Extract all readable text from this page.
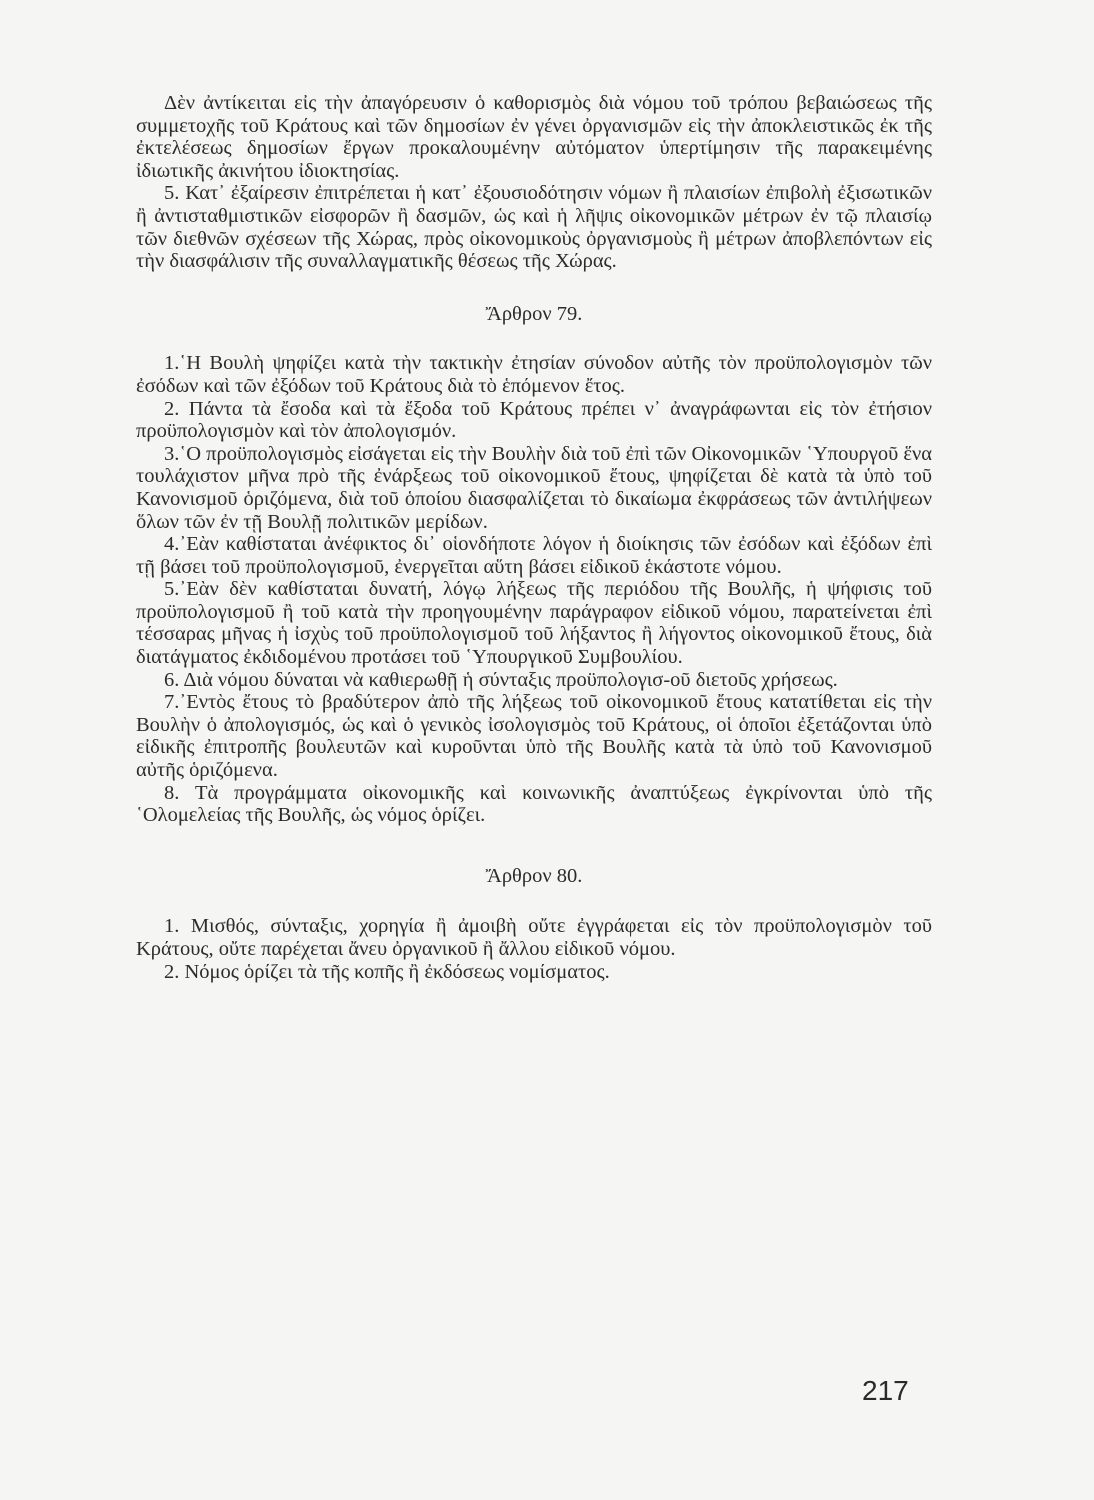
Δὲν ἀντίκειται εἰς τὴν ἀπαγόρευσιν ὁ καθορισμὸς διὰ νόμου τοῦ τρόπου βεβαιώσεως τῆς συμμετοχῆς τοῦ Κράτους καὶ τῶν δημοσίων ἐν γένει ὀργανισμῶν εἰς τὴν ἀποκλειστικῶς ἐκ τῆς ἐκτελέσεως δημοσίων ἔργων προκαλουμένην αὐτόματον ὑπερτίμησιν τῆς παρακειμένης ἰδιωτικῆς ἀκινήτου ἰδιοκτησίας.

5. Κατ᾽ ἐξαίρεσιν ἐπιτρέπεται ἡ κατ᾽ ἐξουσιοδότησιν νόμων ἢ πλαισίων ἐπιβολὴ ἐξισωτικῶν ἢ ἀντισταθμιστικῶν εἰσφορῶν ἢ δασμῶν, ὡς καὶ ἡ λῆψις οἰκονομικῶν μέτρων ἐν τῷ πλαισίῳ τῶν διεθνῶν σχέσεων τῆς Χώρας, πρὸς οἰκονομικοὺς ὀργανισμοὺς ἢ μέτρων ἀποβλεπόντων εἰς τὴν διασφάλισιν τῆς συναλλαγματικῆς θέσεως τῆς Χώρας.

Ἄρθρον 79.

1.῾Η Βουλὴ ψηφίζει κατὰ τὴν τακτικὴν ἐτησίαν σύνοδον αὐτῆς τὸν προϋπολογισμὸν τῶν ἐσόδων καὶ τῶν ἐξόδων τοῦ Κράτους διὰ τὸ ἑπόμενον ἔτος.

2. Πάντα τὰ ἔσοδα καὶ τὰ ἔξοδα τοῦ Κράτους πρέπει ν᾽ ἀναγράφωνται εἰς τὸν ἐτήσιον προϋπολογισμὸν καὶ τὸν ἀπολογισμόν.

3.῾Ο προϋπολογισμὸς εἰσάγεται εἰς τὴν Βουλὴν διὰ τοῦ ἐπὶ τῶν Οἰκονομικῶν ῾Υπουργοῦ ἕνα τουλάχιστον μῆνα πρὸ τῆς ἐνάρξεως τοῦ οἰκονομικοῦ ἔτους, ψηφίζεται δὲ κατὰ τὰ ὑπὸ τοῦ Κανονισμοῦ ὁριζόμενα, διὰ τοῦ ὁποίου διασφαλίζεται τὸ δικαίωμα ἐκφράσεως τῶν ἀντιλήψεων ὅλων τῶν ἐν τῇ Βουλῇ πολιτικῶν μερίδων.

4.᾽Εὰν καθίσταται ἀνέφικτος δι᾽ οἱονδήποτε λόγον ἡ διοίκησις τῶν ἐσόδων καὶ ἐξόδων ἐπὶ τῇ βάσει τοῦ προϋπολογισμοῦ, ἐνεργεῖται αὕτη βάσει εἰδικοῦ ἑκάστοτε νόμου.

5.᾽Εὰν δὲν καθίσταται δυνατή, λόγῳ λήξεως τῆς περιόδου τῆς Βουλῆς, ἡ ψήφισις τοῦ προϋπολογισμοῦ ἢ τοῦ κατὰ τὴν προηγουμένην παράγραφον εἰδικοῦ νόμου, παρατείνεται ἐπὶ τέσσαρας μῆνας ἡ ἰσχὺς τοῦ προϋπολογισμοῦ τοῦ λήξαντος ἢ λήγοντος οἰκονομικοῦ ἔτους, διὰ διατάγματος ἐκδιδομένου προτάσει τοῦ ῾Υπουργικοῦ Συμβουλίου.

6. Διὰ νόμου δύναται νὰ καθιερωθῇ ἡ σύνταξις προϋπολογισ-οῦ διετοῦς χρήσεως.

7.᾽Εντὸς ἔτους τὸ βραδύτερον ἀπὸ τῆς λήξεως τοῦ οἰκονομικοῦ ἔτους κατατίθεται εἰς τὴν Βουλὴν ὁ ἀπολογισμός, ὡς καὶ ὁ γενικὸς ἰσολογισμὸς τοῦ Κράτους, οἱ ὁποῖοι ἐξετάζονται ὑπὸ εἰδικῆς ἐπιτροπῆς βουλευτῶν καὶ κυροῦνται ὑπὸ τῆς Βουλῆς κατὰ τὰ ὑπὸ τοῦ Κανονισμοῦ αὐτῆς ὁριζόμενα.

8. Τὰ προγράμματα οἰκονομικῆς καὶ κοινωνικῆς ἀναπτύξεως ἐγκρίνονται ὑπὸ τῆς ῾Ολομελείας τῆς Βουλῆς, ὡς νόμος ὁρίζει.

Ἄρθρον 80.

1. Μισθός, σύνταξις, χορηγία ἢ ἀμοιβὴ οὔτε ἐγγράφεται εἰς τὸν προϋπολογισμὸν τοῦ Κράτους, οὔτε παρέχεται ἄνευ ὀργανικοῦ ἢ ἄλλου εἰδικοῦ νόμου.

2. Νόμος ὁρίζει τὰ τῆς κοπῆς ἢ ἐκδόσεως νομίσματος.

217
